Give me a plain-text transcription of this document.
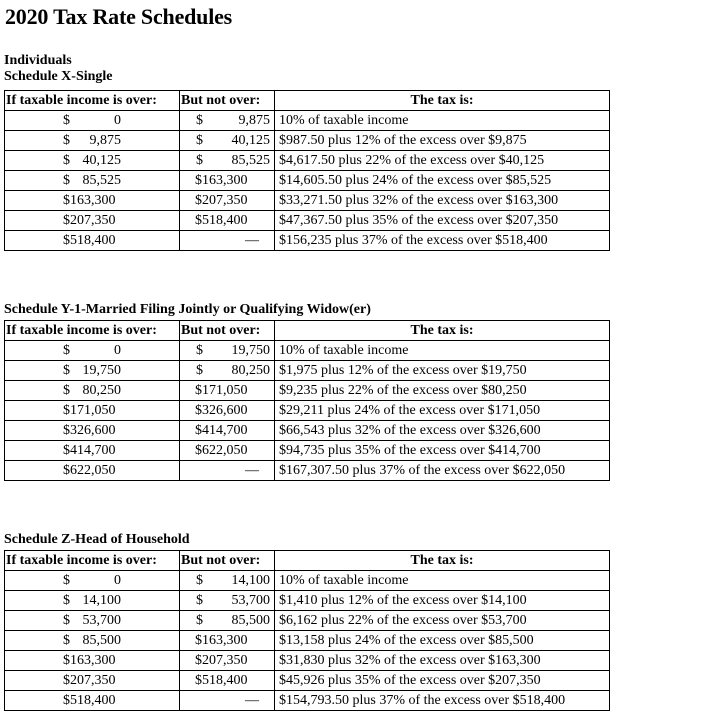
2020 Tax Rate Schedules
Individuals
Schedule X-Single
If taxable income is over:	But not over:	The tax is:

$ 0	$ 9,875	10% of taxable income

$ 9,875	$ 40,125	$987.50 plus 12% of the excess over $9,875

$ 40,125	$ 85,525	$4,617.50 plus 22% of the excess over $40,125

$ 85,525	$163,300	$14,605.50 plus 24% of the excess over $85,525

$163,300	$207,350	$33,271.50 plus 32% of the excess over $163,300

$207,350	$518,400	$47,367.50 plus 35% of the excess over $207,350

$518,400	—	$156,235 plus 37% of the excess over $518,400
Schedule Y-1-Married Filing Jointly or Qualifying Widow(er)
If taxable income is over:	But not over:	The tax is:

$ 0	$ 19,750	10% of taxable income

$ 19,750	$ 80,250	$1,975 plus 12% of the excess over $19,750

$ 80,250	$171,050	$9,235 plus 22% of the excess over $80,250

$171,050	$326,600	$29,211 plus 24% of the excess over $171,050

$326,600	$414,700	$66,543 plus 32% of the excess over $326,600

$414,700	$622,050	$94,735 plus 35% of the excess over $414,700

$622,050	—	$167,307.50 plus 37% of the excess over $622,050
Schedule Z-Head of Household
If taxable income is over:	But not over:	The tax is:

$ 0	$ 14,100	10% of taxable income

$ 14,100	$ 53,700	$1,410 plus 12% of the excess over $14,100

$ 53,700	$ 85,500	$6,162 plus 22% of the excess over $53,700

$ 85,500	$163,300	$13,158 plus 24% of the excess over $85,500

$163,300	$207,350	$31,830 plus 32% of the excess over $163,300

$207,350	$518,400	$45,926 plus 35% of the excess over $207,350

$518,400	—	$154,793.50 plus 37% of the excess over $518,400
